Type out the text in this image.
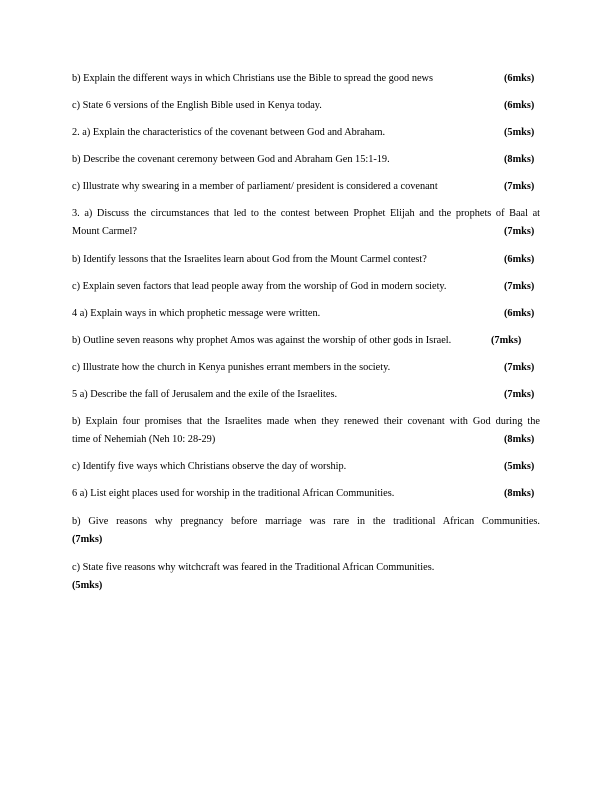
b) Explain the different ways in which Christians use the Bible to spread the good news	(6mks)
c) State 6 versions of the English Bible used in Kenya today.	(6mks)
2. a) Explain the characteristics of the covenant between God and Abraham.	(5mks)
b) Describe the covenant ceremony between God and Abraham Gen 15:1-19.	(8mks)
c) Illustrate why swearing in a member of parliament/ president is considered a covenant	(7mks)
3. a) Discuss the circumstances that led to the contest between Prophet Elijah and the prophets of Baal at
Mount Carmel?	(7mks)
b) Identify lessons that the Israelites learn about God from the Mount Carmel contest?	(6mks)
c) Explain seven factors that lead people away from the worship of God in modern society.	(7mks)
4 a) Explain ways in which prophetic message were written.	(6mks)
b) Outline seven reasons why prophet Amos was against the worship of other gods in Israel.	(7mks)
c) Illustrate how the church in Kenya punishes errant members in the society.	(7mks)
5 a) Describe the fall of Jerusalem and the exile of the Israelites.	(7mks)
b) Explain four promises that the Israelites made when they renewed their covenant with God during the
time of Nehemiah (Neh 10: 28-29)	(8mks)
c) Identify five ways which Christians observe the day of worship.	(5mks)
6 a) List eight places used for worship in the traditional African Communities.	(8mks)
b) Give reasons why pregnancy before marriage was rare in the traditional African Communities.
(7mks)
c) State five reasons why witchcraft was feared in the Traditional African Communities.
(5mks)
